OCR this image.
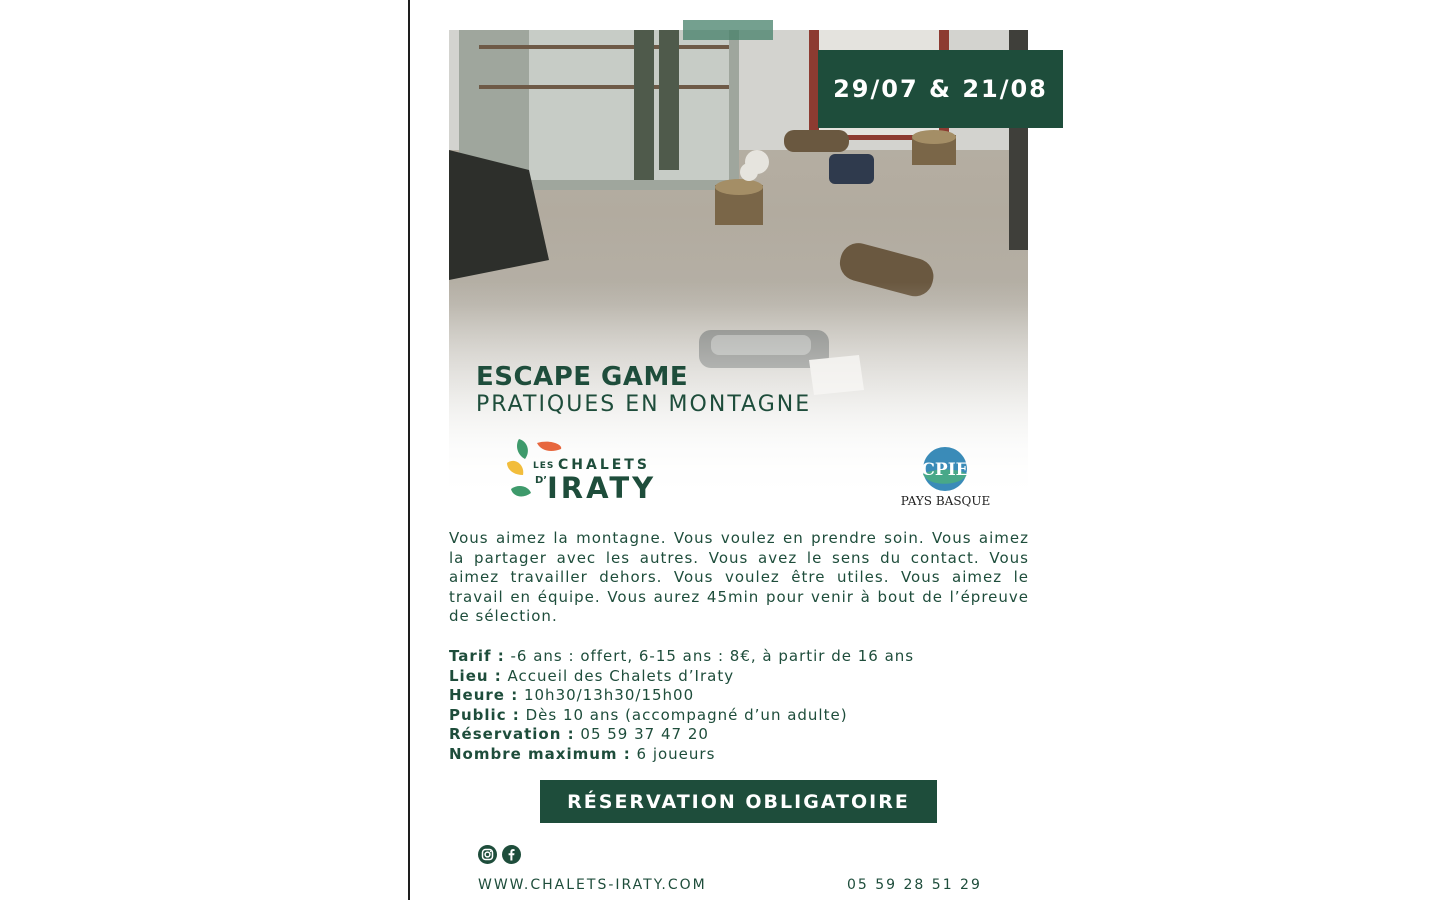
29/07 & 21/08
ESCAPE GAME
PRATIQUES EN MONTAGNE
LES CHALETS
D’ IRATY
CPIE
PAYS BASQUE

Vous aimez la montagne. Vous voulez en prendre soin. Vous aimez la partager avec les autres. Vous avez le sens du contact. Vous aimez travailler dehors. Vous voulez être utiles. Vous aimez le travail en équipe. Vous aurez 45min pour venir à bout de l’épreuve de sélection.

Tarif : -6 ans : offert, 6-15 ans : 8€, à partir de 16 ans
Lieu : Accueil des Chalets d’Iraty
Heure : 10h30/13h30/15h00
Public : Dès 10 ans (accompagné d’un adulte)
Réservation : 05 59 37 47 20
Nombre maximum : 6 joueurs
RÉSERVATION OBLIGATOIRE
WWW.CHALETS-IRATY.COM	05 59 28 51 29
